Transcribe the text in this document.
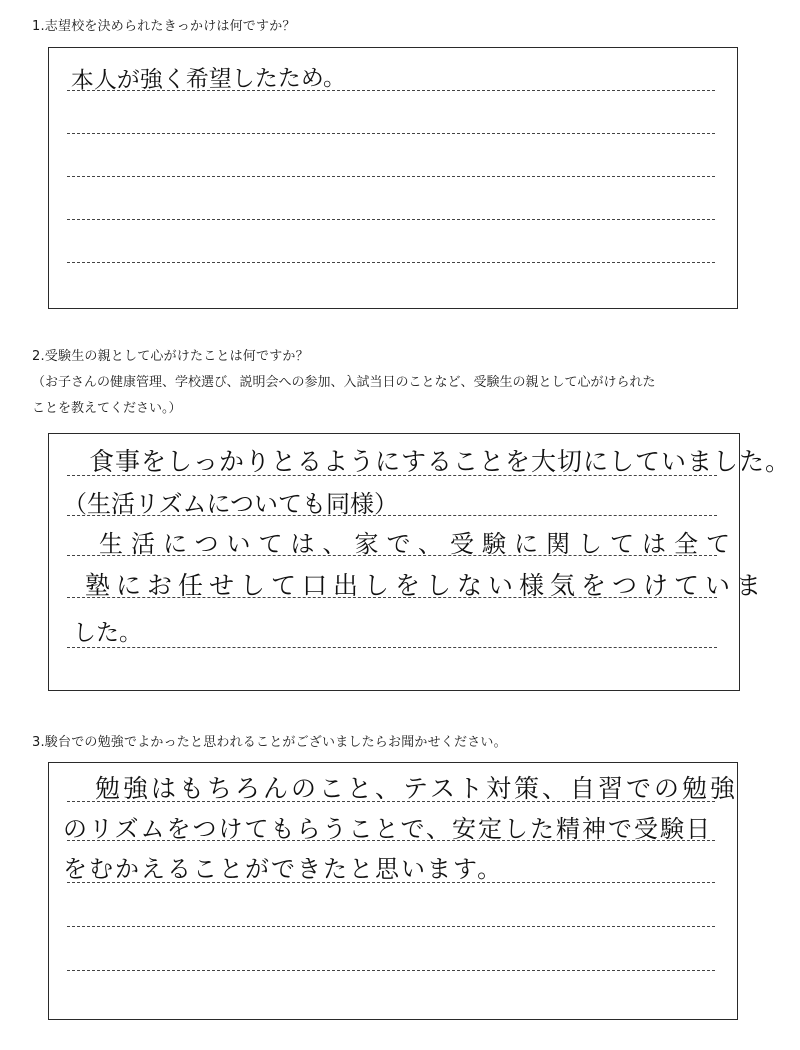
1.志望校を決められたきっかけは何ですか？
本人が強く希望したため。
2.受験生の親として心がけたことは何ですか？
（お子さんの健康管理、学校選び、説明会への参加、入試当日のことなど、受験生の親として心がけられた
ことを教えてください。）
食事をしっかりとるようにすることを大切にしていました。
（生活リズムについても同様）
生活については、家で、受験に関しては全て
塾にお任せして口出しをしない様気をつけていま
した。
3.駿台での勉強でよかったと思われることがございましたらお聞かせください。
勉強はもちろんのこと、テスト対策、自習での勉強
のリズムをつけてもらうことで、安定した精神で受験日
をむかえることができたと思います。
